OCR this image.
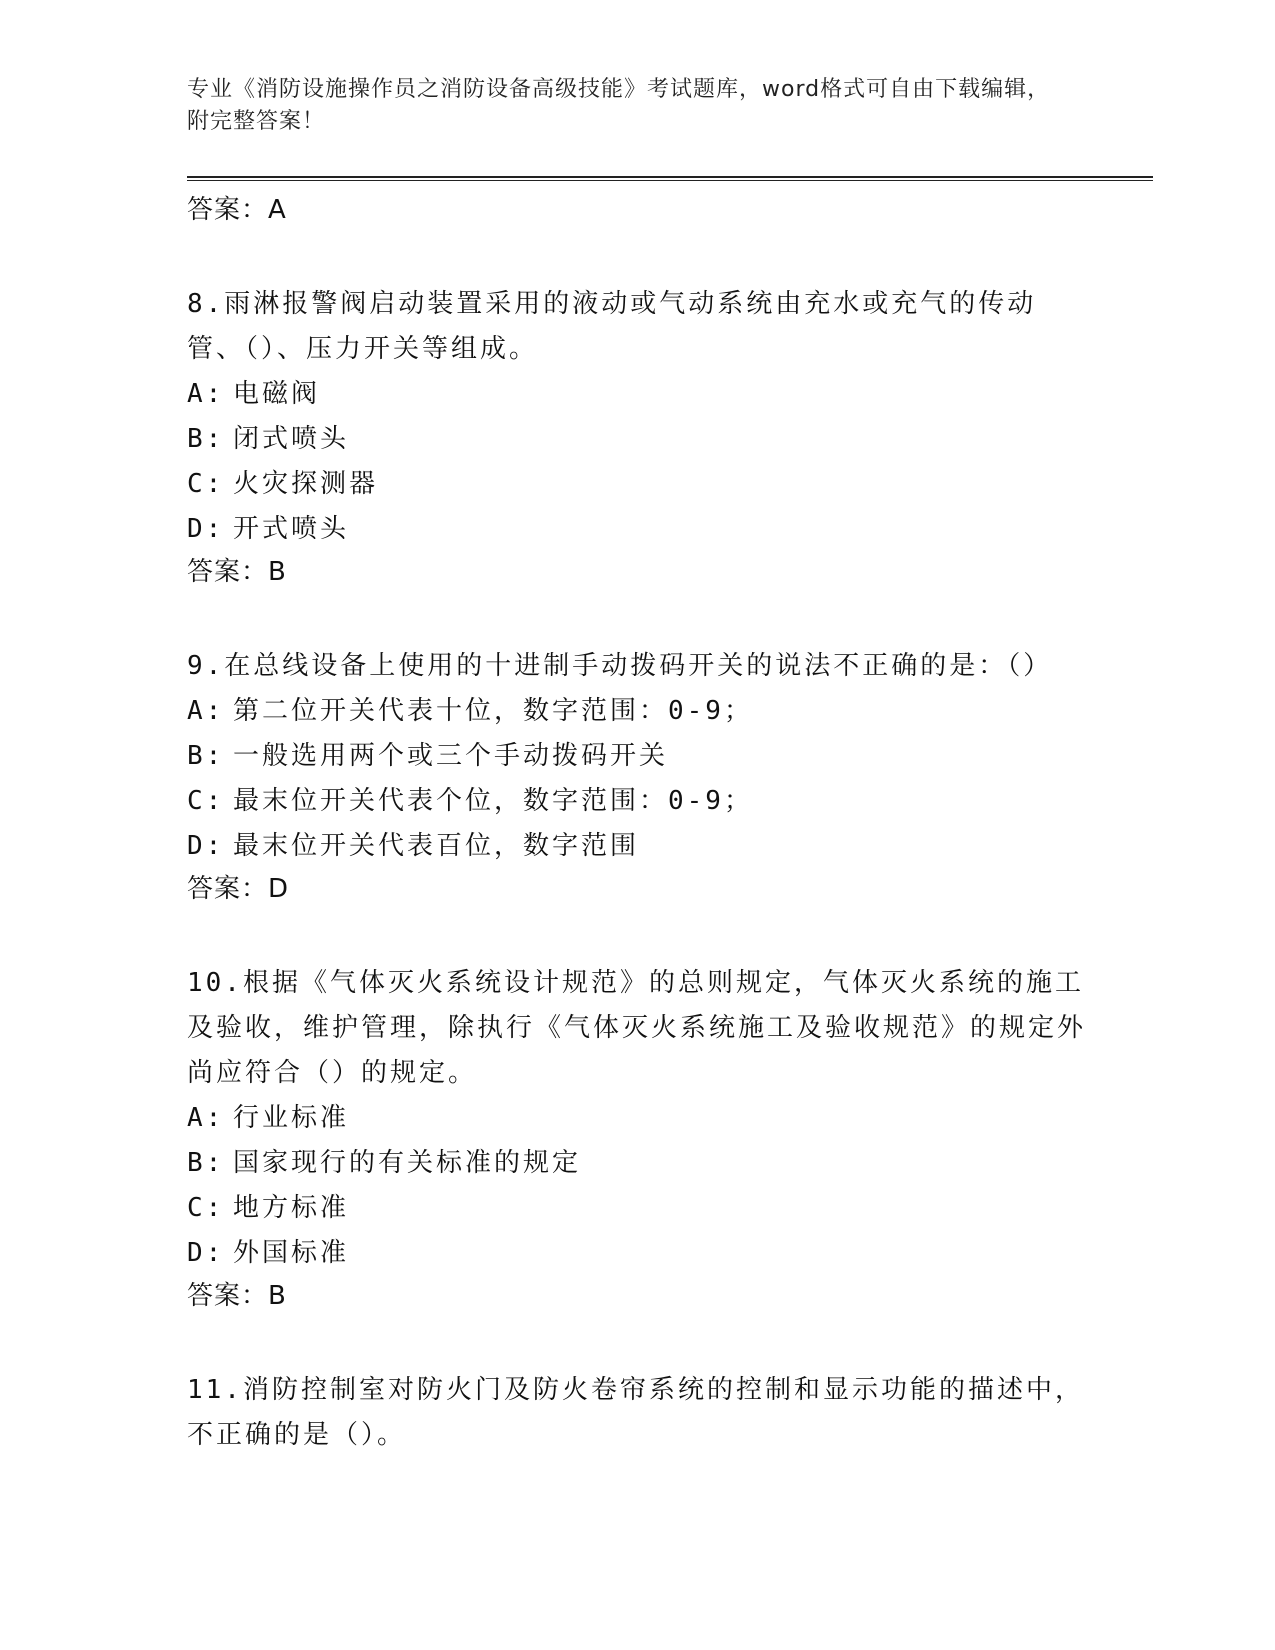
专业《消防设施操作员之消防设备高级技能》考试题库，word格式可自由下载编辑，附完整答案！
答案：A
8.雨淋报警阀启动装置采用的液动或气动系统由充水或充气的传动管、（）、压力开关等组成。
A: 电磁阀
B: 闭式喷头
C: 火灾探测器
D: 开式喷头
答案：B
9.在总线设备上使用的十进制手动拨码开关的说法不正确的是：（）
A: 第二位开关代表十位，数字范围：0-9；
B: 一般选用两个或三个手动拨码开关
C: 最末位开关代表个位，数字范围：0-9；
D: 最末位开关代表百位，数字范围
答案：D
10.根据《气体灭火系统设计规范》的总则规定，气体灭火系统的施工及验收，维护管理，除执行《气体灭火系统施工及验收规范》的规定外尚应符合（）的规定。
A: 行业标准
B: 国家现行的有关标准的规定
C: 地方标准
D: 外国标准
答案：B
11.消防控制室对防火门及防火卷帘系统的控制和显示功能的描述中，不正确的是（）。
